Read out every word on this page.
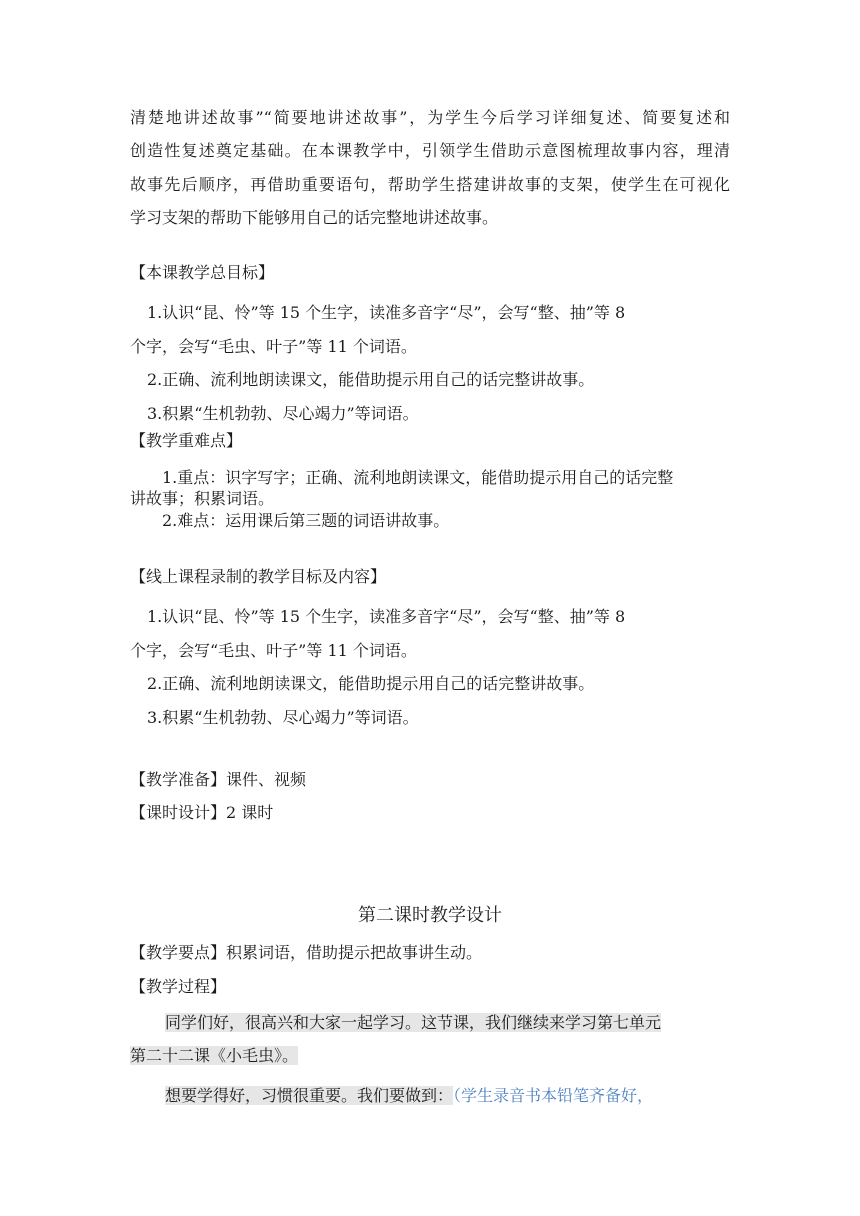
清楚地讲述故事”“简要地讲述故事”，为学生今后学习详细复述、简要复述和
创造性复述奠定基础。在本课教学中，引领学生借助示意图梳理故事内容，理清
故事先后顺序，再借助重要语句，帮助学生搭建讲故事的支架，使学生在可视化
学习支架的帮助下能够用自己的话完整地讲述故事。
【本课教学总目标】
1.认识“昆、怜”等 15 个生字，读准多音字“尽”，会写“整、抽”等 8
个字，会写“毛虫、叶子”等 11 个词语。
2.正确、流利地朗读课文，能借助提示用自己的话完整讲故事。
3.积累“生机勃勃、尽心竭力”等词语。
【教学重难点】
1.重点：识字写字；正确、流利地朗读课文，能借助提示用自己的话完整
讲故事；积累词语。
2.难点：运用课后第三题的词语讲故事。
【线上课程录制的教学目标及内容】
1.认识“昆、怜”等 15 个生字，读准多音字“尽”，会写“整、抽”等 8
个字，会写“毛虫、叶子”等 11 个词语。
2.正确、流利地朗读课文，能借助提示用自己的话完整讲故事。
3.积累“生机勃勃、尽心竭力”等词语。
【教学准备】课件、视频
【课时设计】2 课时
第二课时教学设计
【教学要点】积累词语，借助提示把故事讲生动。
【教学过程】
同学们好，很高兴和大家一起学习。这节课，我们继续来学习第七单元
第二十二课《小毛虫》。
想要学得好，习惯很重要。我们要做到：（学生录音书本铅笔齐备好，
